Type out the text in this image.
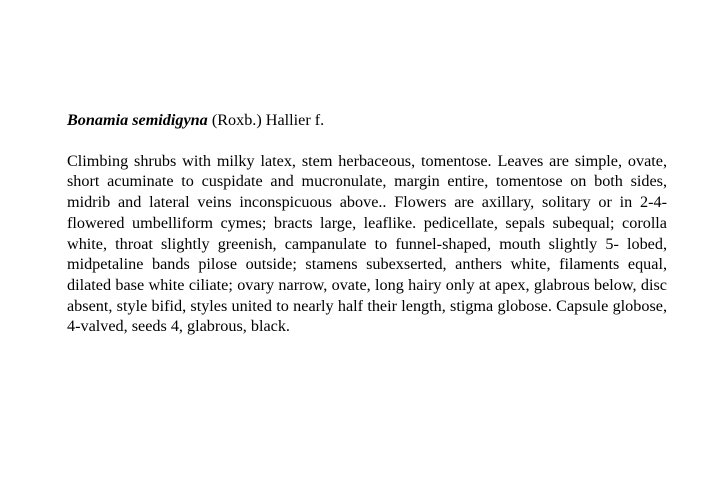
Bonamia semidigyna (Roxb.) Hallier f.

Climbing shrubs with milky latex, stem herbaceous, tomentose. Leaves are simple, ovate, short acuminate to cuspidate and mucronulate, margin entire, tomentose on both sides, midrib and lateral veins inconspicuous above.. Flowers are axillary, solitary or in 2-4-flowered umbelliform cymes; bracts large, leaflike. pedicellate, sepals subequal; corolla white, throat slightly greenish, campanulate to funnel-shaped, mouth slightly 5- lobed, midpetaline bands pilose outside; stamens subexserted, anthers white, filaments equal, dilated base white ciliate; ovary narrow, ovate, long hairy only at apex, glabrous below, disc absent, style bifid, styles united to nearly half their length, stigma globose. Capsule globose, 4-valved, seeds 4, glabrous, black.
